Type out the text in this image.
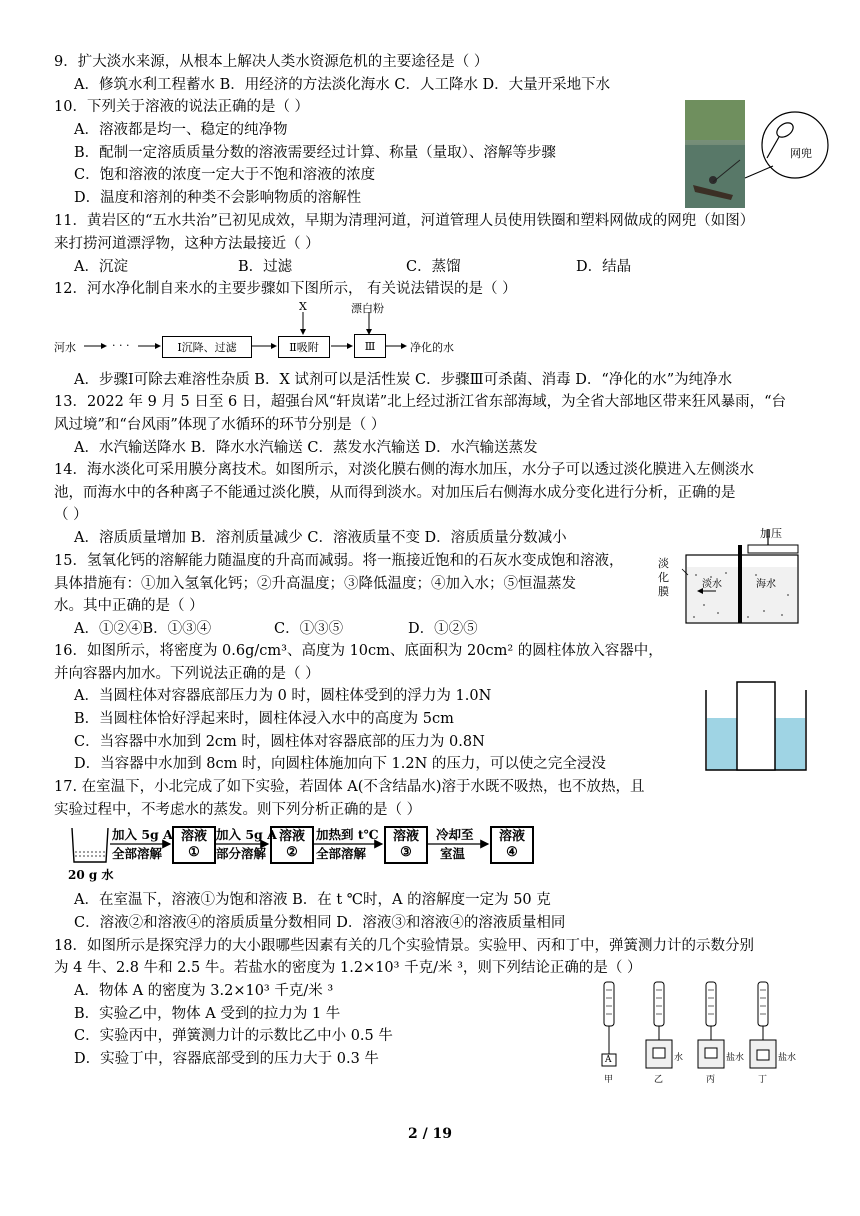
9．扩大淡水来源，从根本上解决人类水资源危机的主要途径是（ ）
A．修筑水利工程蓄水 B．用经济的方法淡化海水 C．人工降水 D．大量开采地下水
10．下列关于溶液的说法正确的是（ ）
A．溶液都是均一、稳定的纯净物
B．配制一定溶质质量分数的溶液需要经过计算、称量（量取）、溶解等步骤
C．饱和溶液的浓度一定大于不饱和溶液的浓度
D．温度和溶剂的种类不会影响物质的溶解性
网兜
11．黄岩区的“五水共治”已初见成效，早期为清理河道，河道管理人员使用铁圈和塑料网做成的网兜（如图）
来打捞河道漂浮物，这种方法最接近（ ）
A．沉淀	B．过滤	C．蒸馏	D．结晶
12．河水净化制自来水的主要步骤如下图所示， 有关说法错误的是（ ）
河水	· · ·	Ⅰ沉降、过滤	Ⅱ吸附	Ⅲ
X	漂白粉
净化的水
A．步骤Ⅰ可除去难溶性杂质 B．X 试剂可以是活性炭 C．步骤Ⅲ可杀菌、消毒 D．“净化的水”为纯净水
13．2022 年 9 月 5 日至 6 日，超强台风“轩岚诺”北上经过浙江省东部海域，为全省大部地区带来狂风暴雨，“台
风过境”和“台风雨”体现了水循环的环节分别是（ ）
A．水汽输送降水 B．降水水汽输送 C．蒸发水汽输送 D．水汽输送蒸发
14．海水淡化可采用膜分离技术。如图所示，对淡化膜右侧的海水加压，水分子可以透过淡化膜进入左侧淡水
池，而海水中的各种离子不能通过淡化膜，从而得到淡水。对加压后右侧海水成分变化进行分析，正确的是
（ ）
A．溶质质量增加 B．溶剂质量减少 C．溶液质量不变 D．溶质质量分数减小	加压
淡化膜
淡水	海水
15．氢氧化钙的溶解能力随温度的升高而减弱。将一瓶接近饱和的石灰水变成饱和溶液，
具体措施有：①加入氢氧化钙；②升高温度；③降低温度；④加入水；⑤恒温蒸发
水。其中正确的是（ ）
A．①②④B．①③④	C．①③⑤	D．①②⑤
16．如图所示，将密度为 0.6g/cm³、高度为 10cm、底面积为 20cm² 的圆柱体放入容器中，
并向容器内加水。下列说法正确的是（ ）
A．当圆柱体对容器底部压力为 0 时，圆柱体受到的浮力为 1.0N
B．当圆柱体恰好浮起来时，圆柱体浸入水中的高度为 5cm
C．当容器中水加到 2cm 时，圆柱体对容器底部的压力为 0.8N
D．当容器中水加到 8cm 时，向圆柱体施加向下 1.2N 的压力，可以使之完全浸没
17. 在室温下，小北完成了如下实验，若固体 A(不含结晶水)溶于水既不吸热，也不放热，且
实验过程中，不考虑水的蒸发。则下列分析正确的是（ ）
20 g 水
加入 5g A
全部溶解
溶液
①
加入 5g A
部分溶解
溶液
②
加热到 t℃
全部溶解
溶液
③
冷却至
室温
溶液
④
A．在室温下，溶液①为饱和溶液 B．在 t ℃时，A 的溶解度一定为 50 克
C．溶液②和溶液④的溶质质量分数相同 D．溶液③和溶液④的溶液质量相同
18．如图所示是探究浮力的大小跟哪些因素有关的几个实验情景。实验甲、丙和丁中，弹簧测力计的示数分别
为 4 牛、2.8 牛和 2.5 牛。若盐水的密度为 1.2×10³ 千克/米 ³，则下列结论正确的是（ ）
A．物体 A 的密度为 3.2×10³ 千克/米 ³
B．实验乙中，物体 A 受到的拉力为 1 牛
C．实验丙中，弹簧测力计的示数比乙中小 0.5 牛
D．实验丁中，容器底部受到的压力大于 0.3 牛	A	水	盐水	盐水
甲	乙	丙	丁
2 / 19
